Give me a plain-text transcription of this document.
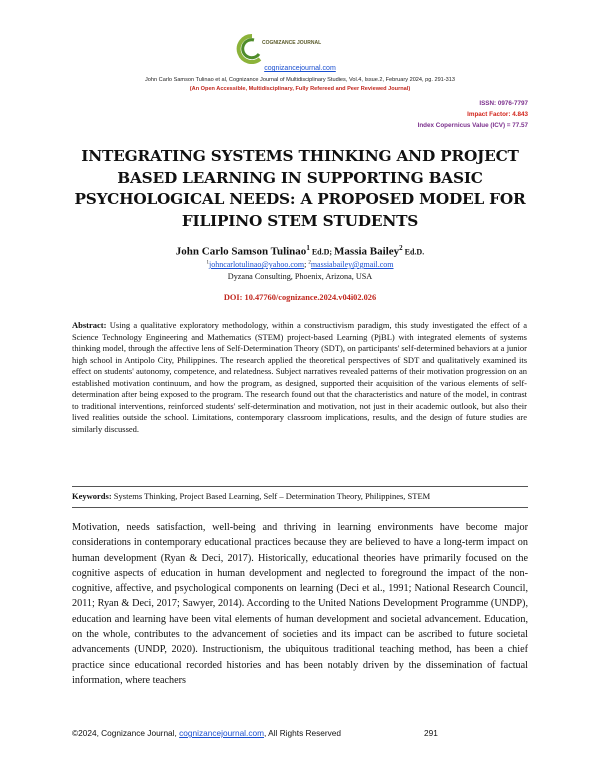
COGNIZANCE JOURNAL
cognizancejournal.com
John Carlo Samson Tulinao et al, Cognizance Journal of Multidisciplinary Studies, Vol.4, Issue.2, February 2024, pg. 291-313
(An Open Accessible, Multidisciplinary, Fully Refereed and Peer Reviewed Journal)
ISSN: 0976-7797
Impact Factor: 4.843
Index Copernicus Value (ICV) = 77.57
INTEGRATING SYSTEMS THINKING AND PROJECT BASED LEARNING IN SUPPORTING BASIC PSYCHOLOGICAL NEEDS: A PROPOSED MODEL FOR FILIPINO STEM STUDENTS
John Carlo Samson Tulinao$^1$ Ed.D; Massia Bailey$^2$ Ed.D.
$^1$johncarlotulinao@yahoo.com; $^2$massiabailey@gmail.com
Dyzana Consulting, Phoenix, Arizona, USA
DOI: 10.47760/cognizance.2024.v04i02.026
Abstract: Using a qualitative exploratory methodology, within a constructivism paradigm, this study investigated the effect of a Science Technology Engineering and Mathematics (STEM) project-based Learning (PjBL) with integrated elements of systems thinking model, through the affective lens of Self-Determination Theory (SDT), on participants' self-determined behaviors at a junior high school in Antipolo City, Philippines. The research applied the theoretical perspectives of SDT and qualitatively examined its effect on students' autonomy, competence, and relatedness. Subject narratives revealed patterns of their motivation progression on an established motivation continuum, and how the program, as designed, supported their acquisition of the various elements of self-determination after being exposed to the program. The research found out that the characteristics and nature of the model, in contrast to traditional interventions, reinforced students' self-determination and motivation, not just in their academic outlook, but also their lived realities outside the school. Limitations, contemporary classroom implications, results, and the design of future studies are similarly discussed.
Keywords: Systems Thinking, Project Based Learning, Self – Determination Theory, Philippines, STEM
Motivation, needs satisfaction, well-being and thriving in learning environments have become major considerations in contemporary educational practices because they are believed to have a long-term impact on human development (Ryan & Deci, 2017). Historically, educational theories have primarily focused on the cognitive aspects of education in human development and neglected to foreground the impact of the non-cognitive, affective, and psychological components on learning (Deci et al., 1991; National Research Council, 2011; Ryan & Deci, 2017; Sawyer, 2014). According to the United Nations Development Programme (UNDP), education and learning have been vital elements of human development and societal advancement. Education, on the whole, contributes to the advancement of societies and its impact can be ascribed to future societal advancements (UNDP, 2020). Instructionism, the ubiquitous traditional teaching method, has been a chief practice since educational recorded histories and has been notably driven by the dissemination of factual information, where teachers
©2024, Cognizance Journal, cognizancejournal.com, All Rights Reserved	291
